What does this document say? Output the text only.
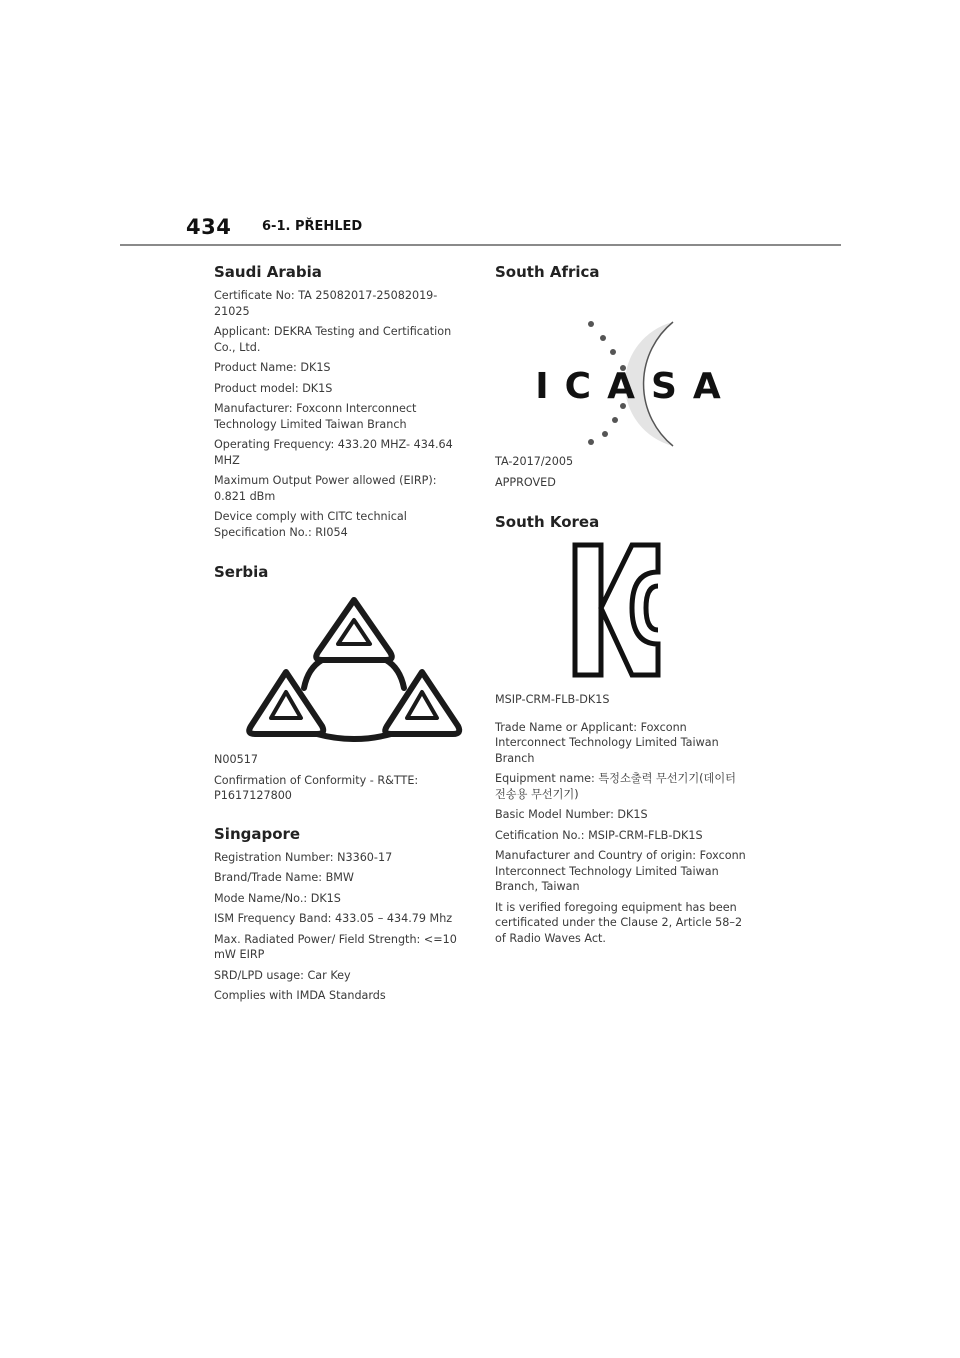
434 6-1. PŘEHLED
Saudi Arabia

Certificate No: TA 25082017-25082019-21025

Applicant: DEKRA Testing and Certification Co., Ltd.

Product Name: DK1S

Product model: DK1S

Manufacturer: Foxconn Interconnect Technology Limited Taiwan Branch

Operating Frequency: 433.20 MHZ- 434.64 MHZ

Maximum Output Power allowed (EIRP): 0.821 dBm

Device comply with CITC technical Specification No.: RI054

Serbia

N00517

Confirmation of Conformity - R&TTE: P1617127800

Singapore

Registration Number: N3360-17

Brand/Trade Name: BMW

Mode Name/No.: DK1S

ISM Frequency Band: 433.05 – 434.79 Mhz

Max. Radiated Power/ Field Strength: <=10 mW EIRP

SRD/LPD usage: Car Key

Complies with IMDA Standards

South Africa
ICASA

TA-2017/2005

APPROVED

South Korea

MSIP-CRM-FLB-DK1S

Trade Name or Applicant: Foxconn Interconnect Technology Limited Taiwan Branch

Equipment name: 특정소출력 무선기기(데이터 전송용 무선기기)

Basic Model Number: DK1S

Cetification No.: MSIP-CRM-FLB-DK1S

Manufacturer and Country of origin: Foxconn Interconnect Technology Limited Taiwan Branch, Taiwan

It is verified foregoing equipment has been certificated under the Clause 2, Article 58–2 of Radio Waves Act.
